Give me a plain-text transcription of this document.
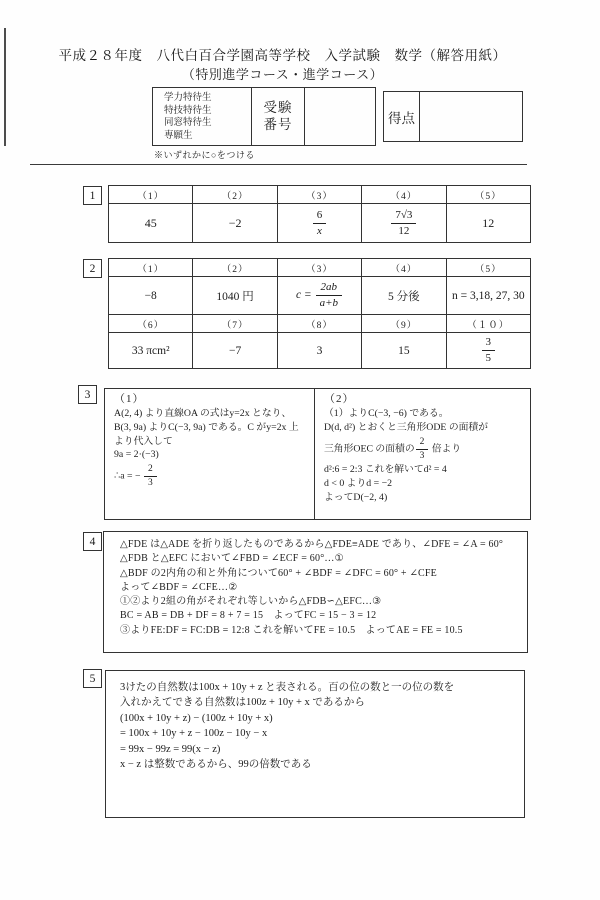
平成２８年度　八代白百合学園高等学校　入学試験　数学（解答用紙）
（特別進学コース・進学コース）
学力特待生
特技特待生
同窓特待生
専願生
受験
番号	得点
※いずれかに○をつける
1	（1）	（2）	（3）	（4）	（5）
45	−2	$\frac{6}{x}$	$\frac{7√3}{12}$	12
2	（1）	（2）	（3）	（4）	（5）
−8	1040 円	$c = \frac{2ab}{a+b}$	5 分後	n = 3,18, 27, 30
（6）	（7）	（8）	（9）	（１０）
33 πcm²	−7	3	15	$\frac{3}{5}$
3	（1）
A(2, 4) より直線OA の式はy=2x となり、
B(3, 9a) よりC(−3, 9a) である。C がy=2x 上
より代入して
9a = 2·(−3)
∴a = − $\frac{2}{3}$
（2）
（1）よりC(−3, −6) である。
D(d, d²) とおくと三角形ODE の面積が
三角形OEC の面積の $\frac{2}{3}$ 倍より
d²:6 = 2:3 これを解いてd² = 4
d < 0 よりd = −2
よってD(−2, 4)
4	△FDE は△ADE を折り返したものであるから△FDE≡ADE であり、∠DFE = ∠A = 60°
△FDB と△EFC において∠FBD = ∠ECF = 60°…①
△BDF の2内角の和と外角について60° + ∠BDF = ∠DFC = 60° + ∠CFE
よって∠BDF = ∠CFE…②
①②より2組の角がそれぞれ等しいから△FDB∽△EFC…③
BC = AB = DB + DF = 8 + 7 = 15　よってFC = 15 − 3 = 12
③よりFE:DF = FC:DB = 12:8 これを解いてFE = 10.5　よってAE = FE = 10.5
5
3けたの自然数は100x + 10y + z と表される。百の位の数と一の位の数を
入れかえてできる自然数は100z + 10y + x であるから
(100x + 10y + z) − (100z + 10y + x)
= 100x + 10y + z − 100z − 10y − x
= 99x − 99z = 99(x − z)
x − z は整数であるから、99の倍数である
